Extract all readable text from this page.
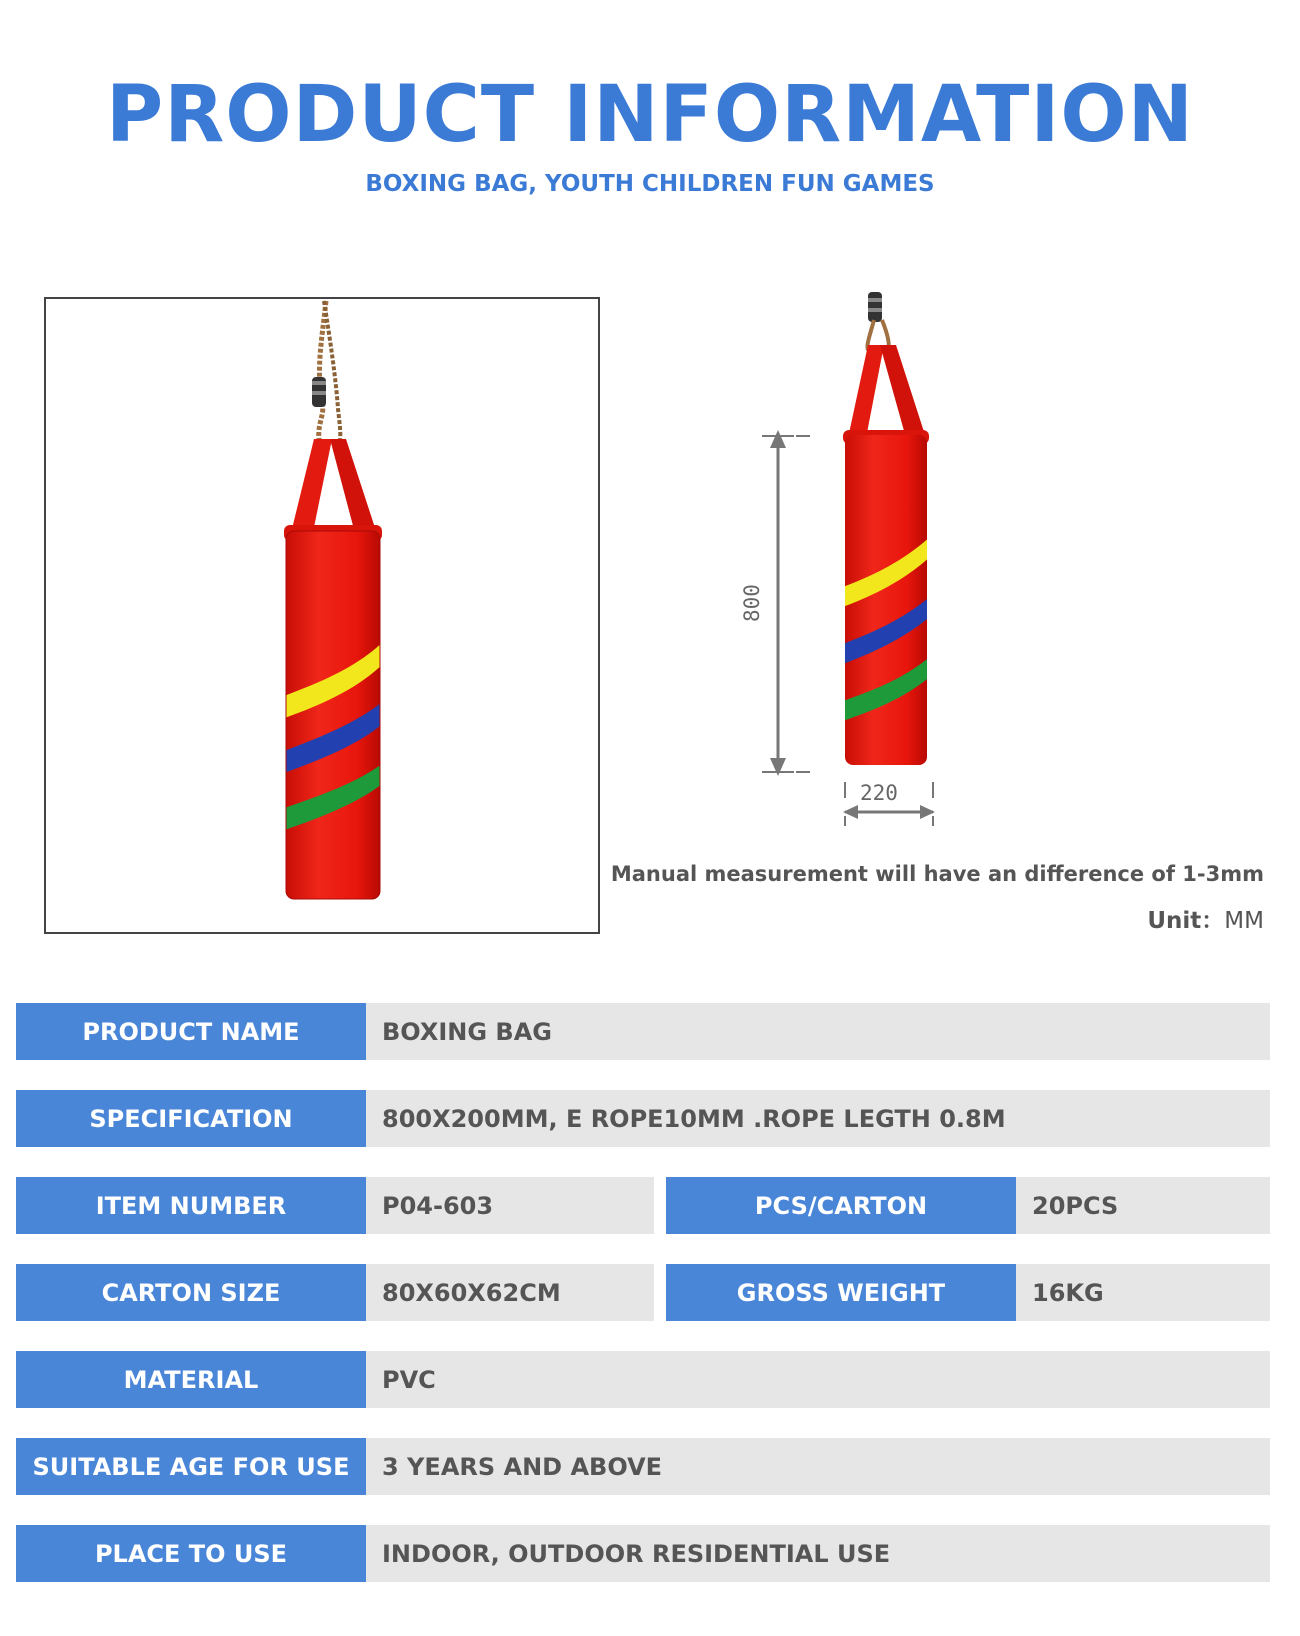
PRODUCT INFORMATION
BOXING BAG, YOUTH CHILDREN FUN GAMES
800
220
Manual measurement will have an difference of 1-3mm
Unit：MM
PRODUCT NAME	BOXING BAG
SPECIFICATION	800X200MM, E ROPE10MM .ROPE LEGTH 0.8M
ITEM NUMBER	P04-603	PCS/CARTON	20PCS
CARTON SIZE	80X60X62CM	GROSS WEIGHT	16KG
MATERIAL	PVC
SUITABLE AGE FOR USE	3 YEARS AND ABOVE
PLACE TO USE	INDOOR, OUTDOOR RESIDENTIAL USE
